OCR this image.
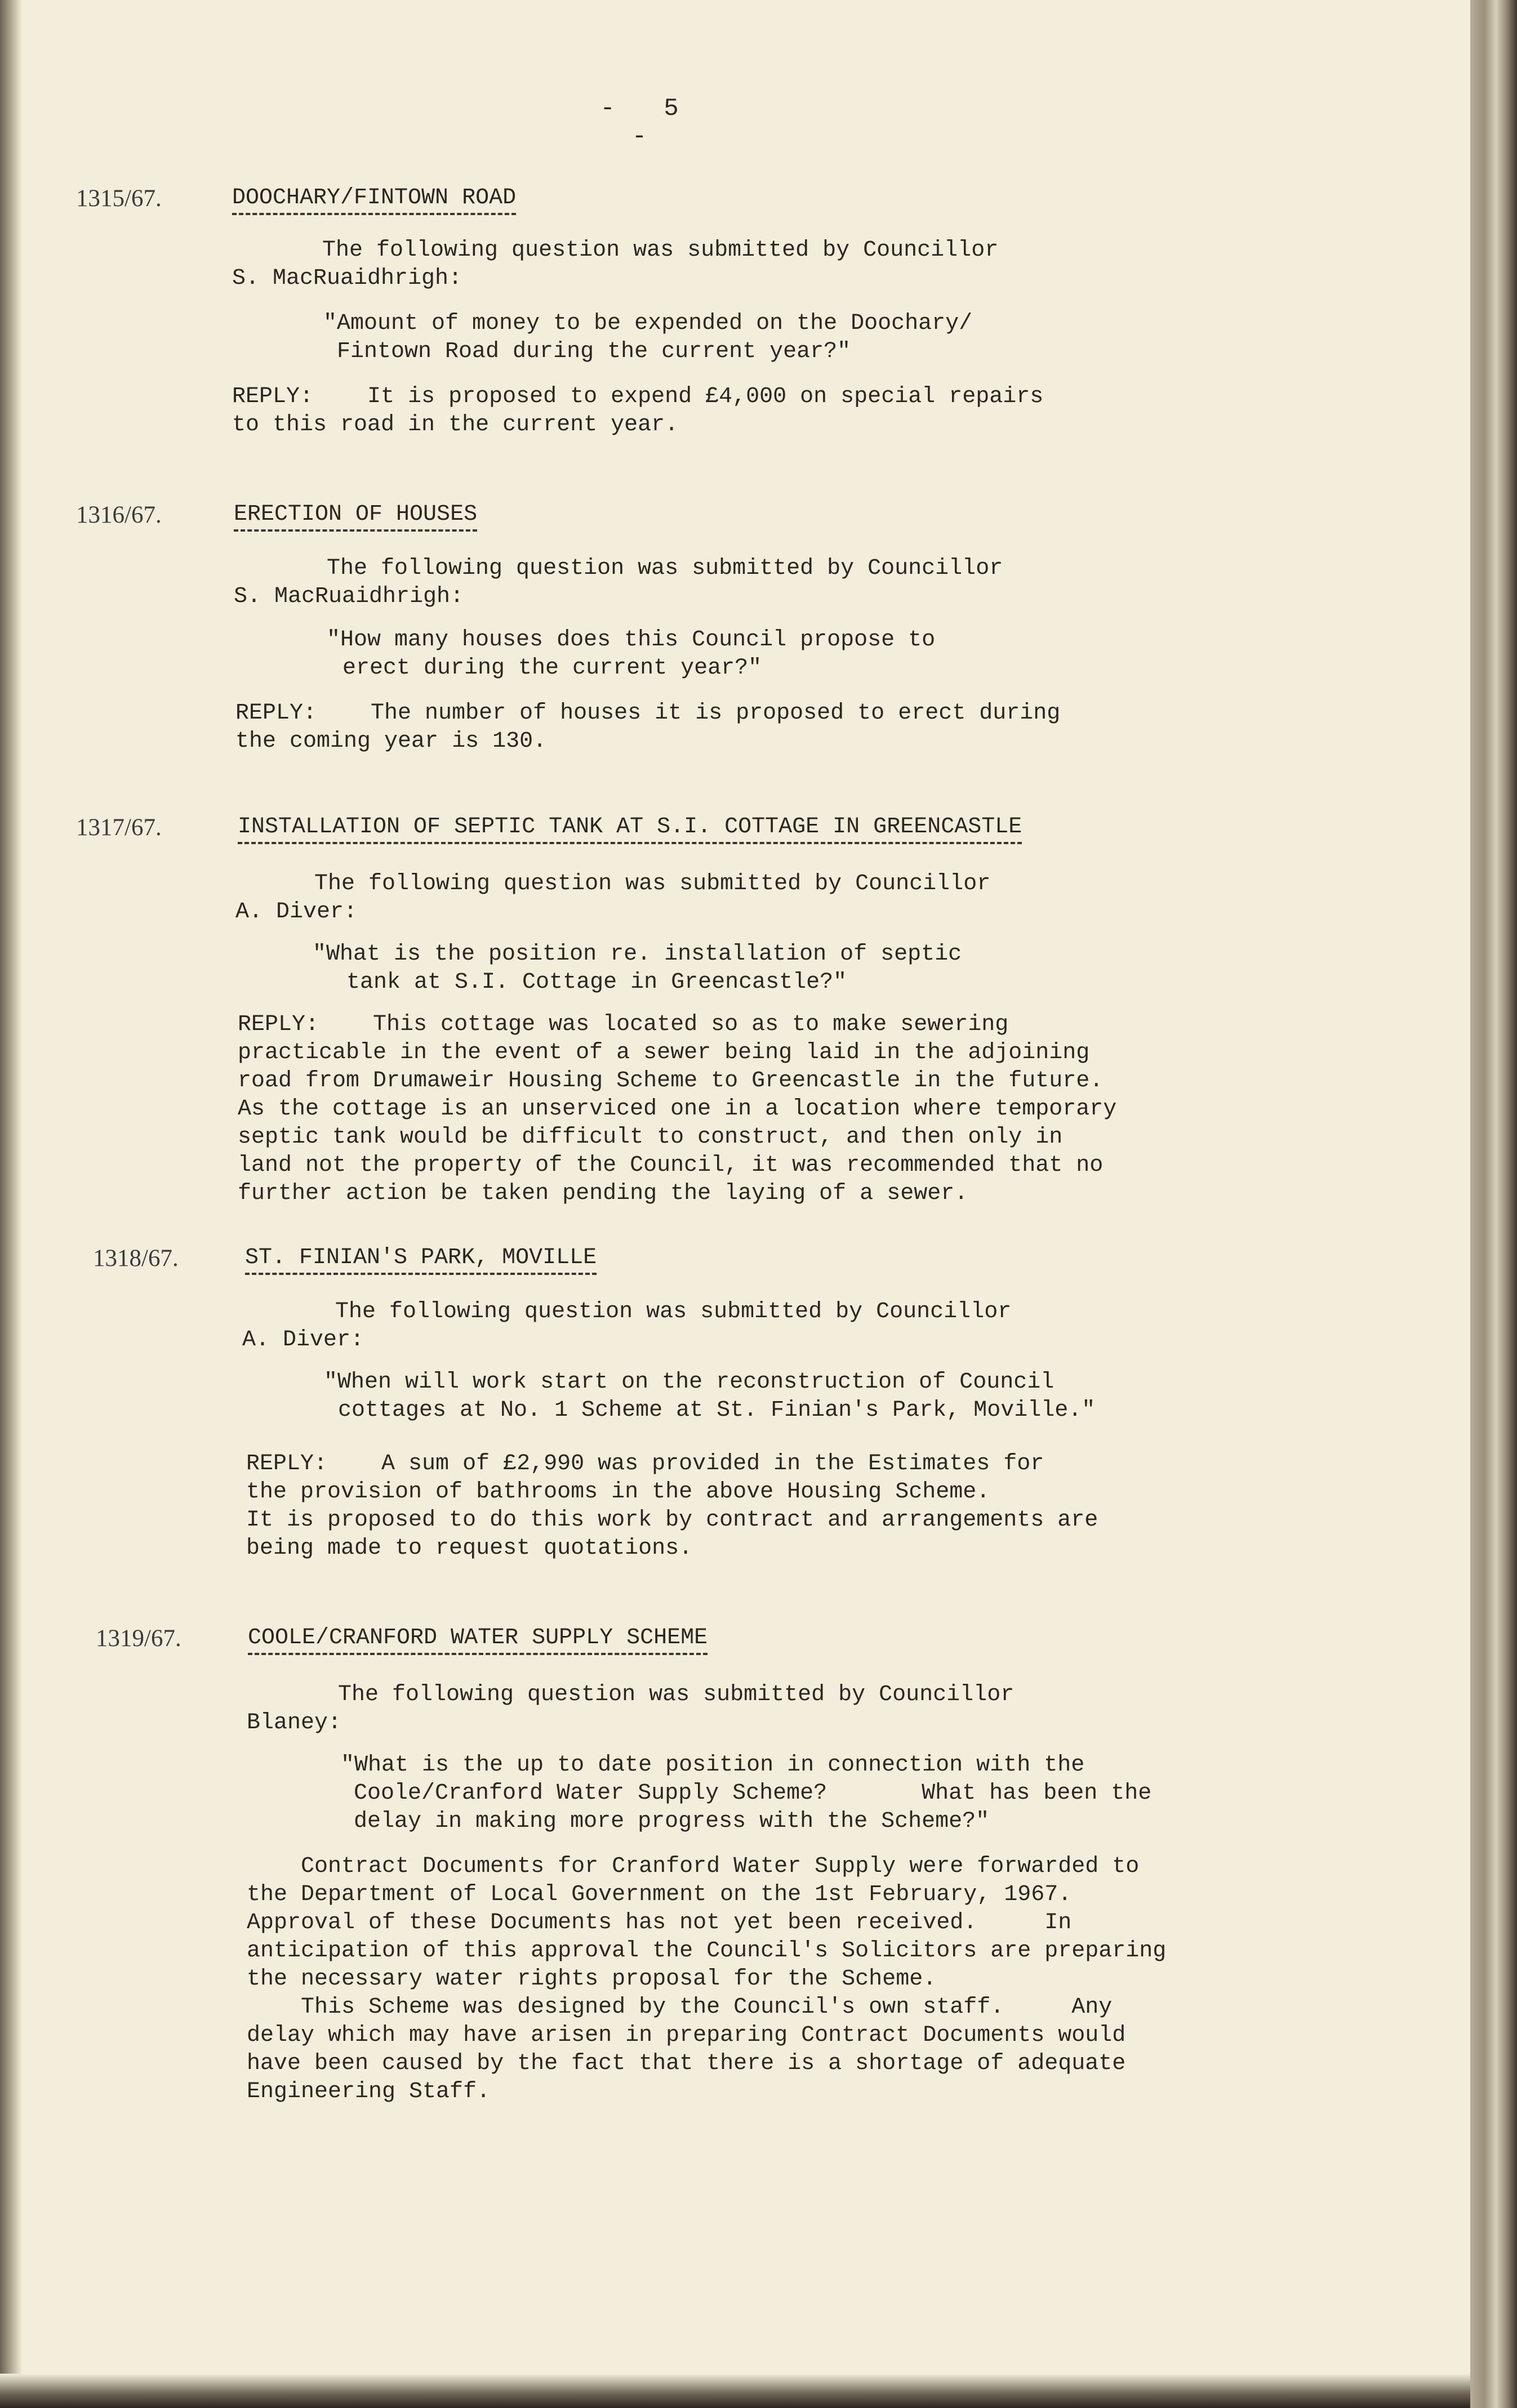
- 5 -
1315/67.	DOOCHARY/FINTOWN ROAD
The following question was submitted by Councillor
S. MacRuaidhrigh:
"Amount of money to be expended on the Doochary/
Fintown Road during the current year?"
REPLY:    It is proposed to expend £4,000 on special repairs
to this road in the current year.
1316/67.	ERECTION OF HOUSES
The following question was submitted by Councillor
S. MacRuaidhrigh:
"How many houses does this Council propose to
erect during the current year?"
REPLY:    The number of houses it is proposed to erect during
the coming year is 130.
1317/67.	INSTALLATION OF SEPTIC TANK AT S.I. COTTAGE IN GREENCASTLE
The following question was submitted by Councillor
A. Diver:
"What is the position re. installation of septic
tank at S.I. Cottage in Greencastle?"
REPLY:    This cottage was located so as to make sewering
practicable in the event of a sewer being laid in the adjoining
road from Drumaweir Housing Scheme to Greencastle in the future.
As the cottage is an unserviced one in a location where temporary
septic tank would be difficult to construct, and then only in
land not the property of the Council, it was recommended that no
further action be taken pending the laying of a sewer.
1318/67.	ST. FINIAN'S PARK, MOVILLE
The following question was submitted by Councillor
A. Diver:
"When will work start on the reconstruction of Council
cottages at No. 1 Scheme at St. Finian's Park, Moville."
REPLY:    A sum of £2,990 was provided in the Estimates for
the provision of bathrooms in the above Housing Scheme.
It is proposed to do this work by contract and arrangements are
being made to request quotations.
1319/67.	COOLE/CRANFORD WATER SUPPLY SCHEME
The following question was submitted by Councillor
Blaney:
"What is the up to date position in connection with the
Coole/Cranford Water Supply Scheme?       What has been the
delay in making more progress with the Scheme?"
Contract Documents for Cranford Water Supply were forwarded to
the Department of Local Government on the 1st February, 1967.
Approval of these Documents has not yet been received.     In
anticipation of this approval the Council's Solicitors are preparing
the necessary water rights proposal for the Scheme.
This Scheme was designed by the Council's own staff.     Any
delay which may have arisen in preparing Contract Documents would
have been caused by the fact that there is a shortage of adequate
Engineering Staff.
